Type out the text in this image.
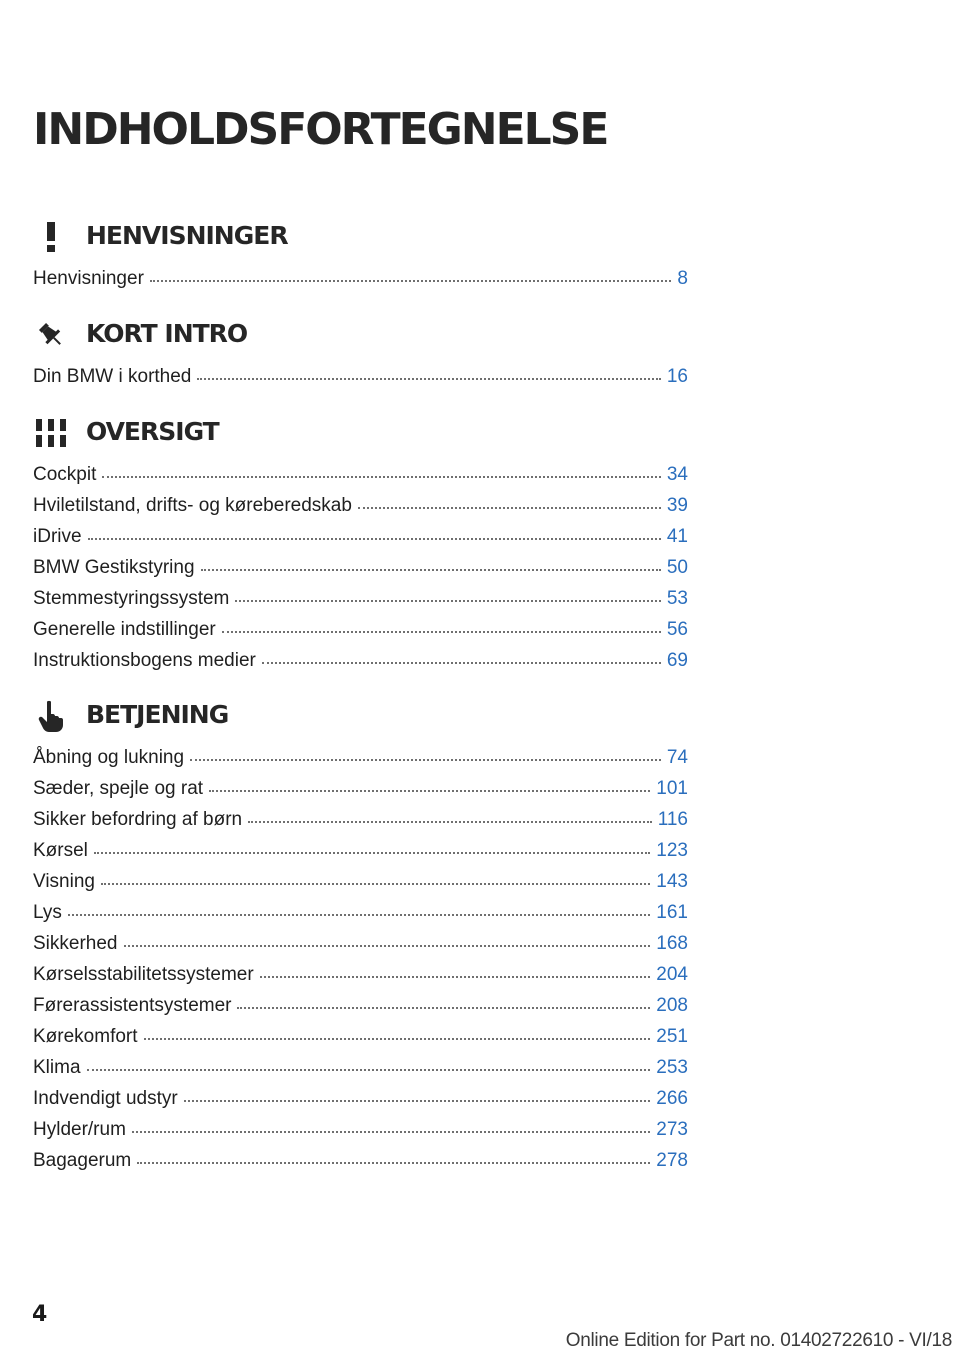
INDHOLDSFORTEGNELSE
HENVISNINGER
Henvisninger	8
KORT INTRO
Din BMW i korthed	16
OVERSIGT
Cockpit	34
Hviletilstand, drifts- og kørеberedskab	39
iDrive	41
BMW Gestikstyring	50
Stemmestyringssystem	53
Generelle indstillinger	56
Instruktionsbogens medier	69
BETJENING
Åbning og lukning	74
Sæder, spejle og rat	101
Sikker befordring af børn	116
Kørsel	123
Visning	143
Lys	161
Sikkerhed	168
Kørselsstabilitetssystemer	204
Førerassistentsystemer	208
Kørekomfort	251
Klima	253
Indvendigt udstyr	266
Hylder/rum	273
Bagagerum	278
4
Online Edition for Part no. 01402722610 - VI/18
